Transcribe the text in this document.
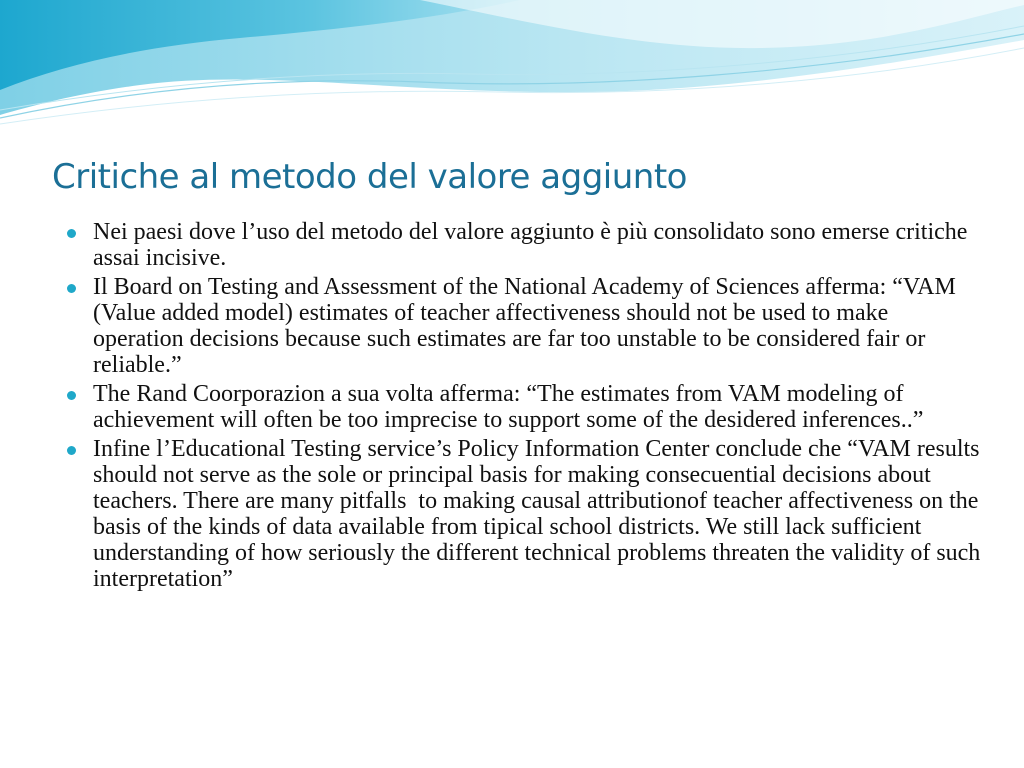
Critiche al metodo del valore aggiunto
Nei paesi dove l’uso del metodo del valore aggiunto è più consolidato sono emerse critiche assai incisive.
Il Board on Testing and Assessment of the National Academy of Sciences afferma: “VAM (Value added model) estimates of teacher affectiveness should not be used to make operation decisions because such estimates are far too unstable to be considered fair or reliable.”
The Rand Coorporazion a sua volta afferma: “The estimates from VAM modeling of achievement will often be too imprecise to support some of the desidered inferences..”
Infine l’Educational Testing service’s Policy Information Center conclude che “VAM results should not serve as the sole or principal basis for making consecuential decisions about teachers. There are many pitfalls  to making causal attributionof teacher affectiveness on the basis of the kinds of data available from tipical school districts. We still lack sufficient understanding of how seriously the different technical problems threaten the validity of such interpretation”
